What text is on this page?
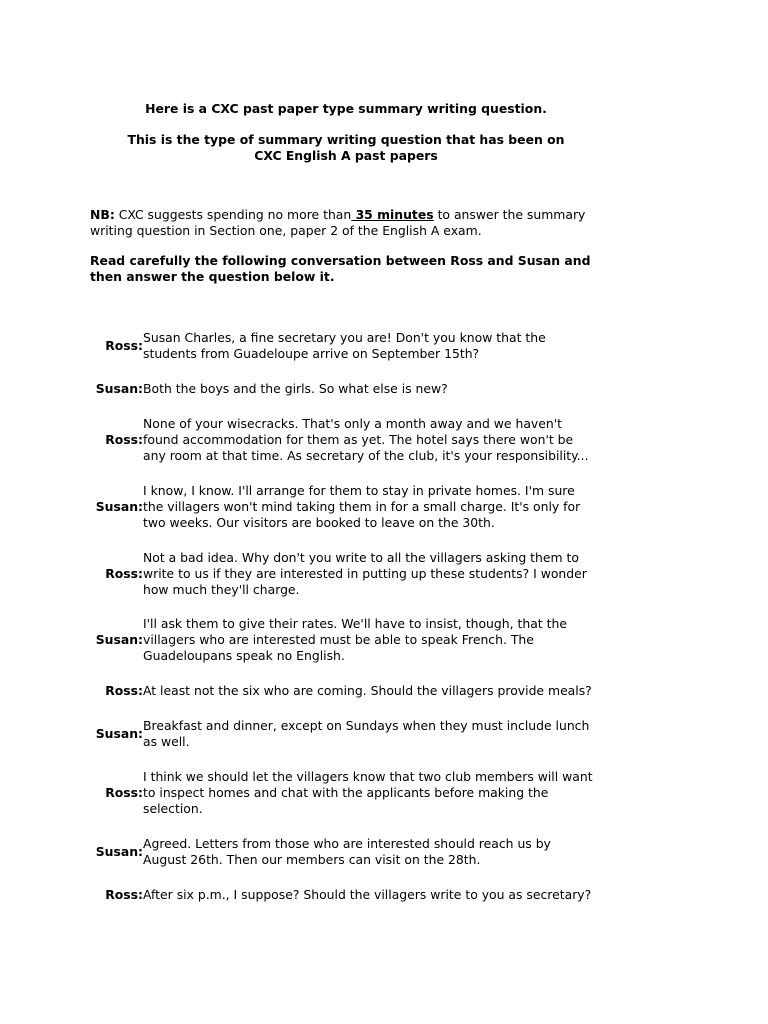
Here is a CXC past paper type summary writing question.
This is the type of summary writing question that has been on
CXC English A past papers
NB: CXC suggests spending no more than 35 minutes to answer the summary writing question in Section one, paper 2 of the English A exam.
Read carefully the following conversation between Ross and Susan and then answer the question below it.
Ross:
Susan Charles, a fine secretary you are! Don't you know that the
students from Guadeloupe arrive on September 15th?
Susan: Both the boys and the girls. So what else is new?
Ross:
None of your wisecracks. That's only a month away and we haven't
found accommodation for them as yet. The hotel says there won't be
any room at that time. As secretary of the club, it's your responsibility...
Susan:
I know, I know. I'll arrange for them to stay in private homes. I'm sure
the villagers won't mind taking them in for a small charge. It's only for
two weeks. Our visitors are booked to leave on the 30th.
Ross:
Not a bad idea. Why don't you write to all the villagers asking them to
write to us if they are interested in putting up these students? I wonder
how much they'll charge.
Susan:
I'll ask them to give their rates. We'll have to insist, though, that the
villagers who are interested must be able to speak French. The
Guadeloupans speak no English.
Ross: At least not the six who are coming. Should the villagers provide meals?
Susan:
Breakfast and dinner, except on Sundays when they must include lunch
as well.
Ross:
I think we should let the villagers know that two club members will want
to inspect homes and chat with the applicants before making the
selection.
Susan:
Agreed. Letters from those who are interested should reach us by
August 26th. Then our members can visit on the 28th.
Ross: After six p.m., I suppose? Should the villagers write to you as secretary?
